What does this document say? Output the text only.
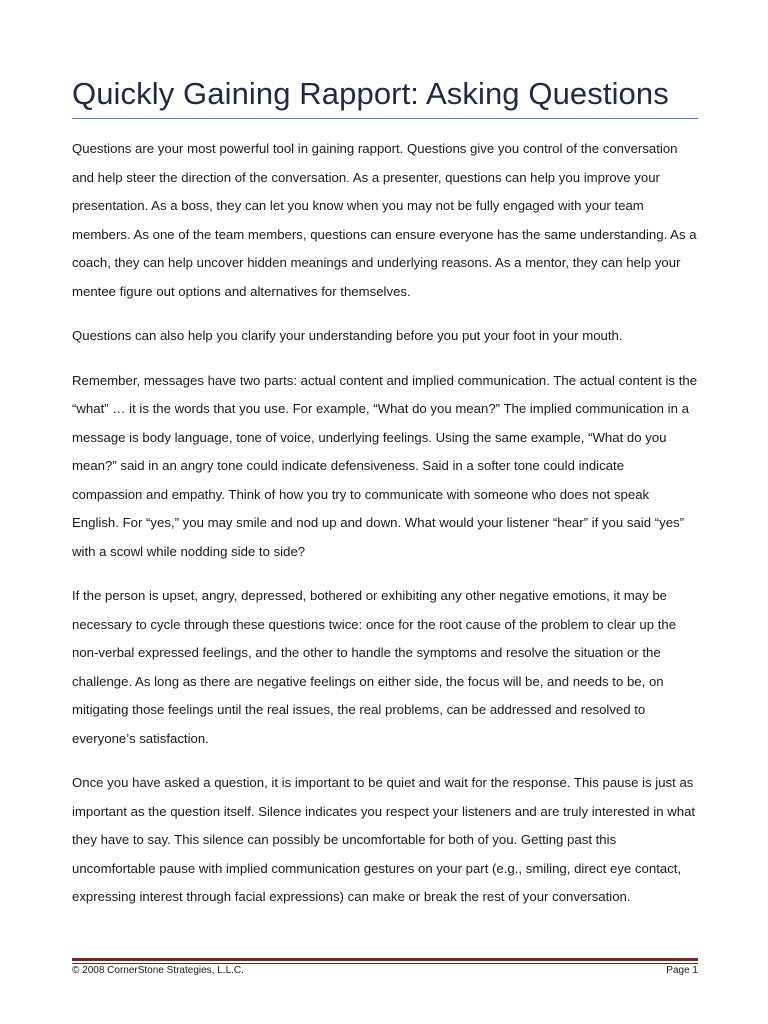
Quickly Gaining Rapport: Asking Questions

Questions are your most powerful tool in gaining rapport. Questions give you control of the conversation and help steer the direction of the conversation. As a presenter, questions can help you improve your presentation. As a boss, they can let you know when you may not be fully engaged with your team members. As one of the team members, questions can ensure everyone has the same understanding. As a coach, they can help uncover hidden meanings and underlying reasons. As a mentor, they can help your mentee figure out options and alternatives for themselves.

Questions can also help you clarify your understanding before you put your foot in your mouth.

Remember, messages have two parts: actual content and implied communication. The actual content is the “what” … it is the words that you use. For example, “What do you mean?” The implied communication in a message is body language, tone of voice, underlying feelings. Using the same example, “What do you mean?” said in an angry tone could indicate defensiveness. Said in a softer tone could indicate compassion and empathy. Think of how you try to communicate with someone who does not speak English. For “yes,” you may smile and nod up and down. What would your listener “hear” if you said “yes” with a scowl while nodding side to side?

If the person is upset, angry, depressed, bothered or exhibiting any other negative emotions, it may be necessary to cycle through these questions twice: once for the root cause of the problem to clear up the non-verbal expressed feelings, and the other to handle the symptoms and resolve the situation or the challenge. As long as there are negative feelings on either side, the focus will be, and needs to be, on mitigating those feelings until the real issues, the real problems, can be addressed and resolved to everyone’s satisfaction.

Once you have asked a question, it is important to be quiet and wait for the response. This pause is just as important as the question itself. Silence indicates you respect your listeners and are truly interested in what they have to say. This silence can possibly be uncomfortable for both of you. Getting past this uncomfortable pause with implied communication gestures on your part (e.g., smiling, direct eye contact, expressing interest through facial expressions) can make or break the rest of your conversation.

© 2008 CornerStone Strategies, L.L.C.	Page 1
